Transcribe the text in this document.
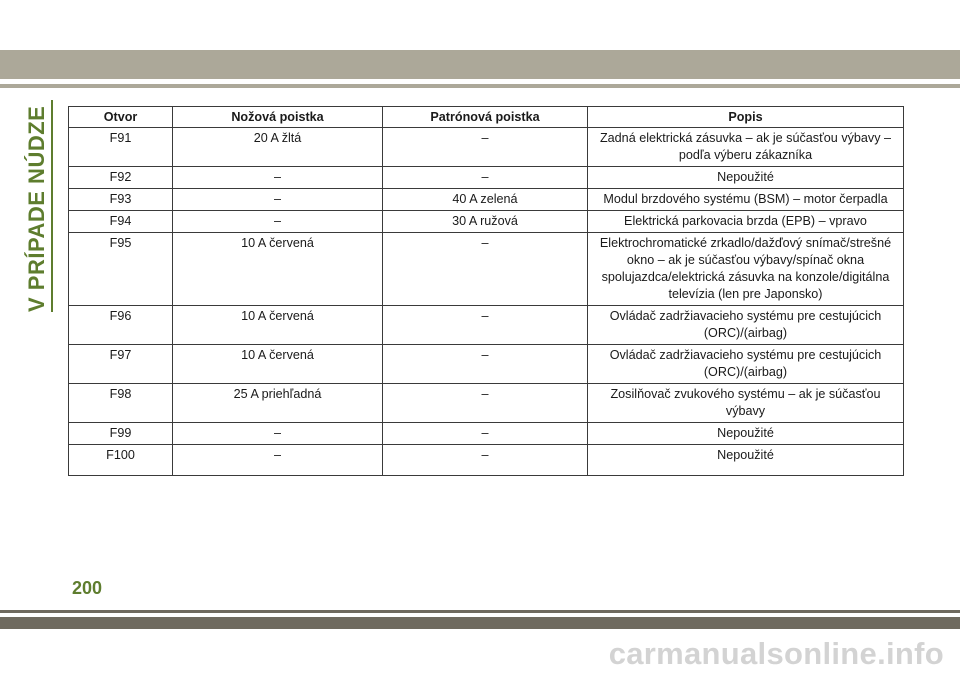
V PRÍPADE NÚDZE	Otvor	Nožová poistka	Patrónová poistka	Popis
F91	20 A žltá	–	Zadná elektrická zásuvka – ak je súčasťou výbavy – podľa výberu zákazníka
F92	–	–	Nepoužité
F93	–	40 A zelená	Modul brzdového systému (BSM) – motor čerpadla
F94	–	30 A ružová	Elektrická parkovacia brzda (EPB) – vpravo
F95	10 A červená	–	Elektrochromatické zrkadlo/dažďový snímač/strešné okno – ak je súčasťou výbavy/spínač okna spolujazdca/elektrická zásuvka na konzole/digitálna televízia (len pre Japonsko)
F96	10 A červená	–	Ovládač zadržiavacieho systému pre cestujúcich (ORC)/(airbag)
F97	10 A červená	–	Ovládač zadržiavacieho systému pre cestujúcich (ORC)/(airbag)
F98	25 A priehľadná	–	Zosilňovač zvukového systému – ak je súčasťou výbavy
F99	–	–	Nepoužité
F100	–	–	Nepoužité
200
carmanualsonline.info
